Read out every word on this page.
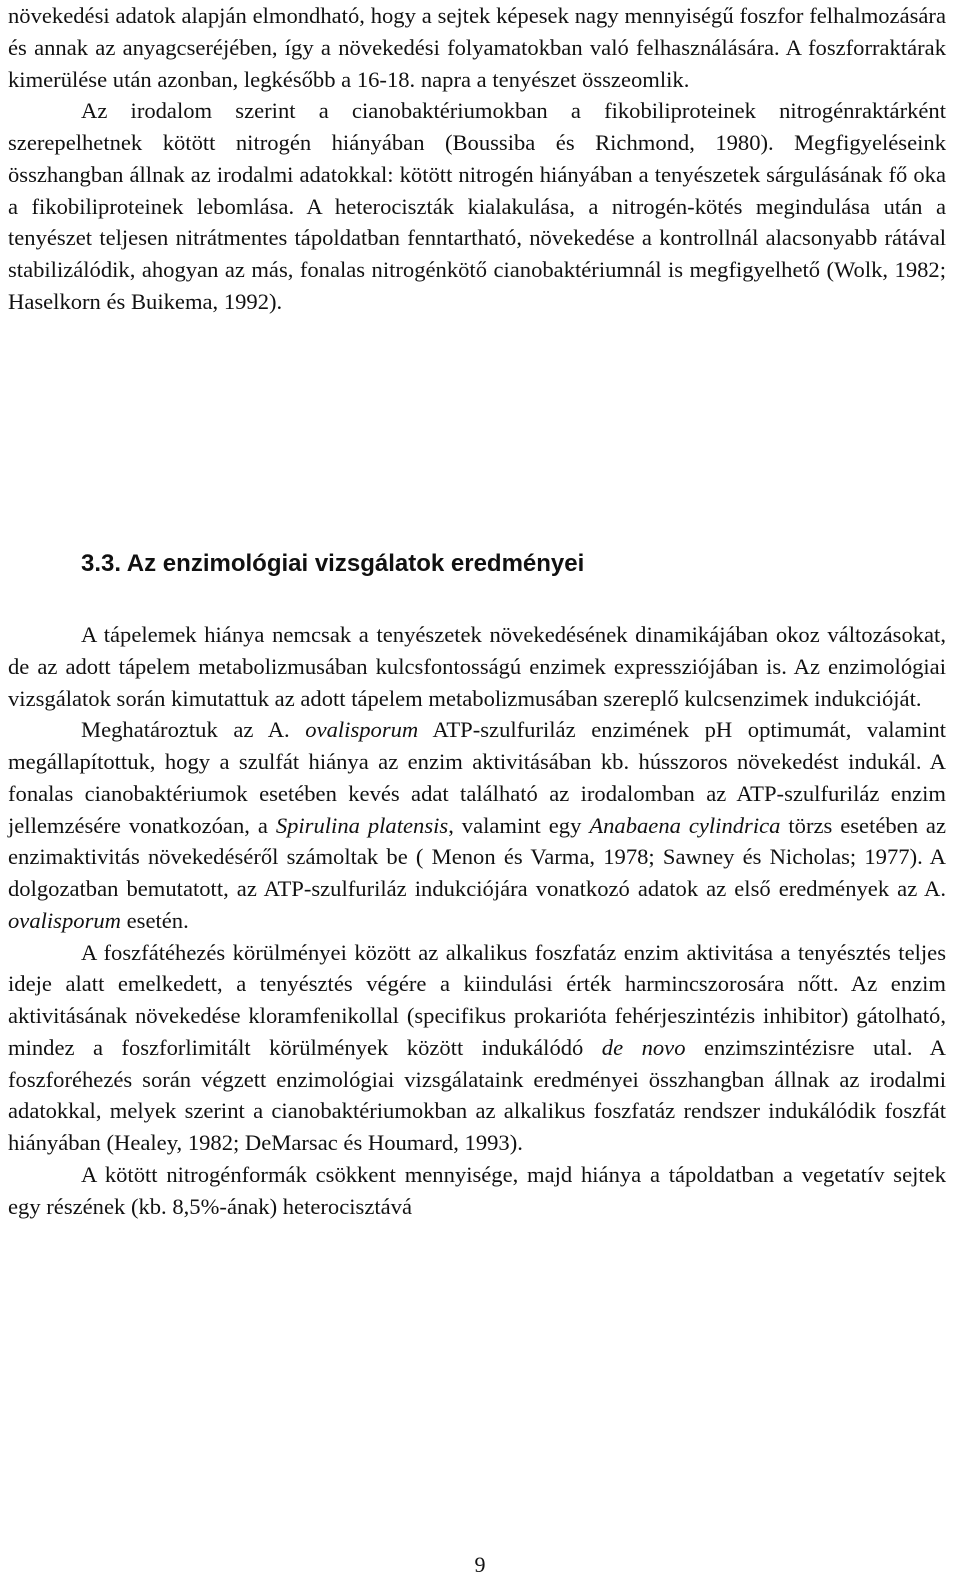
növekedési adatok alapján elmondható, hogy a sejtek képesek nagy mennyiségű foszfor felhalmozására és annak az anyagcseréjében, így a növekedési folyamatokban való felhasználására. A foszforraktárak kimerülése után azonban, legkésőbb a 16-18. napra a tenyészet összeomlik.

Az irodalom szerint a cianobaktériumokban a fikobiliproteinek nitrogénraktárként szerepelhetnek kötött nitrogén hiányában (Boussiba és Richmond, 1980). Megfigyeléseink összhangban állnak az irodalmi adatokkal: kötött nitrogén hiányában a tenyészetek sárgulásának fő oka a fikobiliproteinek lebomlása. A heterociszták kialakulása, a nitrogén-kötés megindulása után a tenyészet teljesen nitrátmentes tápoldatban fenntartható, növekedése a kontrollnál alacsonyabb rátával stabilizálódik, ahogyan az más, fonalas nitrogénkötő cianobaktériumnál is megfigyelhető (Wolk, 1982; Haselkorn és Buikema, 1992).

3.3. Az enzimológiai vizsgálatok eredményei

A tápelemek hiánya nemcsak a tenyészetek növekedésének dinamikájában okoz változásokat, de az adott tápelem metabolizmusában kulcsfontosságú enzimek expressziójában is. Az enzimológiai vizsgálatok során kimutattuk az adott tápelem metabolizmusában szereplő kulcsenzimek indukcióját.

Meghatároztuk az A. ovalisporum ATP-szulfuriláz enzimének pH optimumát, valamint megállapítottuk, hogy a szulfát hiánya az enzim aktivitásában kb. hússzoros növekedést indukál. A fonalas cianobaktériumok esetében kevés adat található az irodalomban az ATP-szulfuriláz enzim jellemzésére vonatkozóan, a Spirulina platensis, valamint egy Anabaena cylindrica törzs esetében az enzimaktivitás növekedéséről számoltak be ( Menon és Varma, 1978; Sawney és Nicholas; 1977). A dolgozatban bemutatott, az ATP-szulfuriláz indukciójára vonatkozó adatok az első eredmények az A. ovalisporum esetén.

A foszfátéhezés körülményei között az alkalikus foszfatáz enzim aktivitása a tenyésztés teljes ideje alatt emelkedett, a tenyésztés végére a kiindulási érték harmincszorosára nőtt. Az enzim aktivitásának növekedése kloramfenikollal (specifikus prokarióta fehérjeszintézis inhibitor) gátolható, mindez a foszforlimitált körülmények között indukálódó de novo enzimszintézisre utal. A foszforéhezés során végzett enzimológiai vizsgálataink eredményei összhangban állnak az irodalmi adatokkal, melyek szerint a cianobaktériumokban az alkalikus foszfatáz rendszer indukálódik foszfát hiányában (Healey, 1982; DeMarsac és Houmard, 1993).

A kötött nitrogénformák csökkent mennyisége, majd hiánya a tápoldatban a vegetatív sejtek egy részének (kb. 8,5%-ának) heterocisztává

9
